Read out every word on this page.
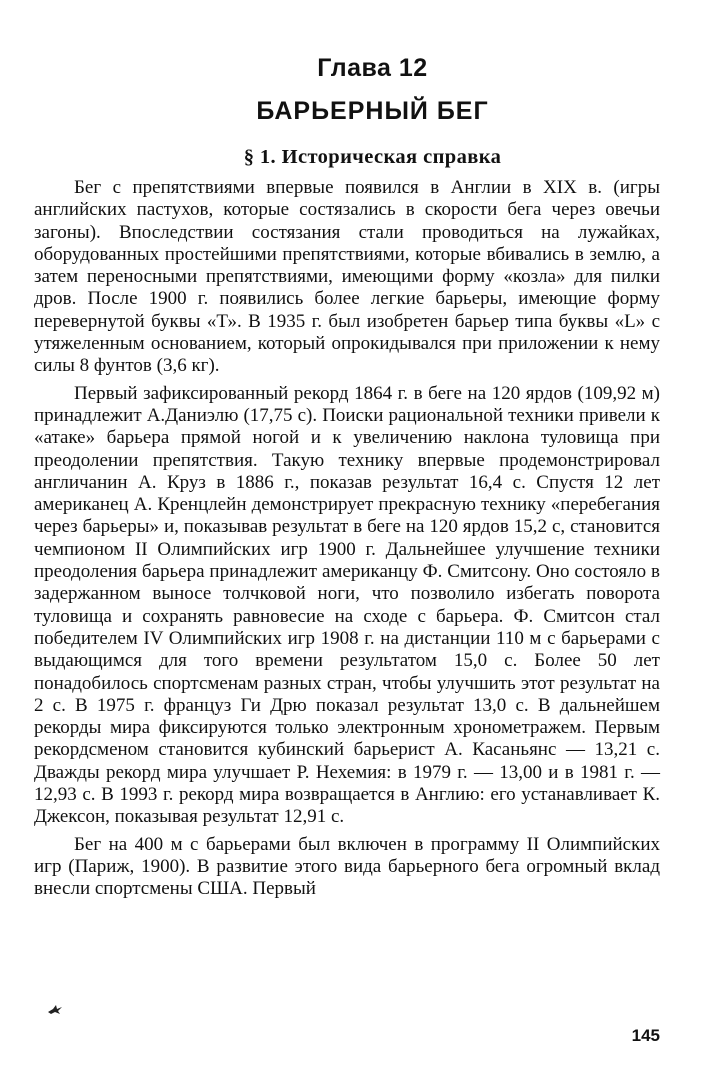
Глава 12
БАРЬЕРНЫЙ БЕГ
§ 1. Историческая справка

Бег с препятствиями впервые появился в Англии в XIX в. (игры английских пастухов, которые состязались в скорости бега через овечьи загоны). Впоследствии состязания стали проводиться на лужайках, оборудованных простейшими препятствиями, которые вбивались в землю, а затем переносными препятствиями, имеющими форму «козла» для пилки дров. После 1900 г. появились более легкие барьеры, имеющие форму перевернутой буквы «Т». В 1935 г. был изобретен барьер типа буквы «L» с утяжеленным основанием, который опрокидывался при приложении к нему силы 8 фунтов (3,6 кг).

Первый зафиксированный рекорд 1864 г. в беге на 120 ярдов (109,92 м) принадлежит А.Даниэлю (17,75 с). Поиски рациональной техники привели к «атаке» барьера прямой ногой и к увеличению наклона туловища при преодолении препятствия. Такую технику впервые продемонстрировал англичанин А. Круз в 1886 г., показав результат 16,4 с. Спустя 12 лет американец А. Кренцлейн демонстрирует прекрасную технику «перебегания через барьеры» и, показывав результат в беге на 120 ярдов 15,2 с, становится чемпионом II Олимпийских игр 1900 г. Дальнейшее улучшение техники преодоления барьера принадлежит американцу Ф. Смитсону. Оно состояло в задержанном выносе толчковой ноги, что позволило избегать поворота туловища и сохранять равновесие на сходе с барьера. Ф. Смитсон стал победителем IV Олимпийских игр 1908 г. на дистанции 110 м с барьерами с выдающимся для того времени результатом 15,0 с. Более 50 лет понадобилось спортсменам разных стран, чтобы улучшить этот результат на 2 с. В 1975 г. француз Ги Дрю показал результат 13,0 с. В дальнейшем рекорды мира фиксируются только электронным хронометражем. Первым рекордсменом становится кубинский барьерист А. Касаньянс — 13,21 с. Дважды рекорд мира улучшает Р. Нехемия: в 1979 г. — 13,00 и в 1981 г. — 12,93 с. В 1993 г. рекорд мира возвращается в Англию: его устанавливает К. Джексон, показывая результат 12,91 с.

Бег на 400 м с барьерами был включен в программу II Олимпийских игр (Париж, 1900). В развитие этого вида барьерного бега огромный вклад внесли спортсмены США. Первый

145
